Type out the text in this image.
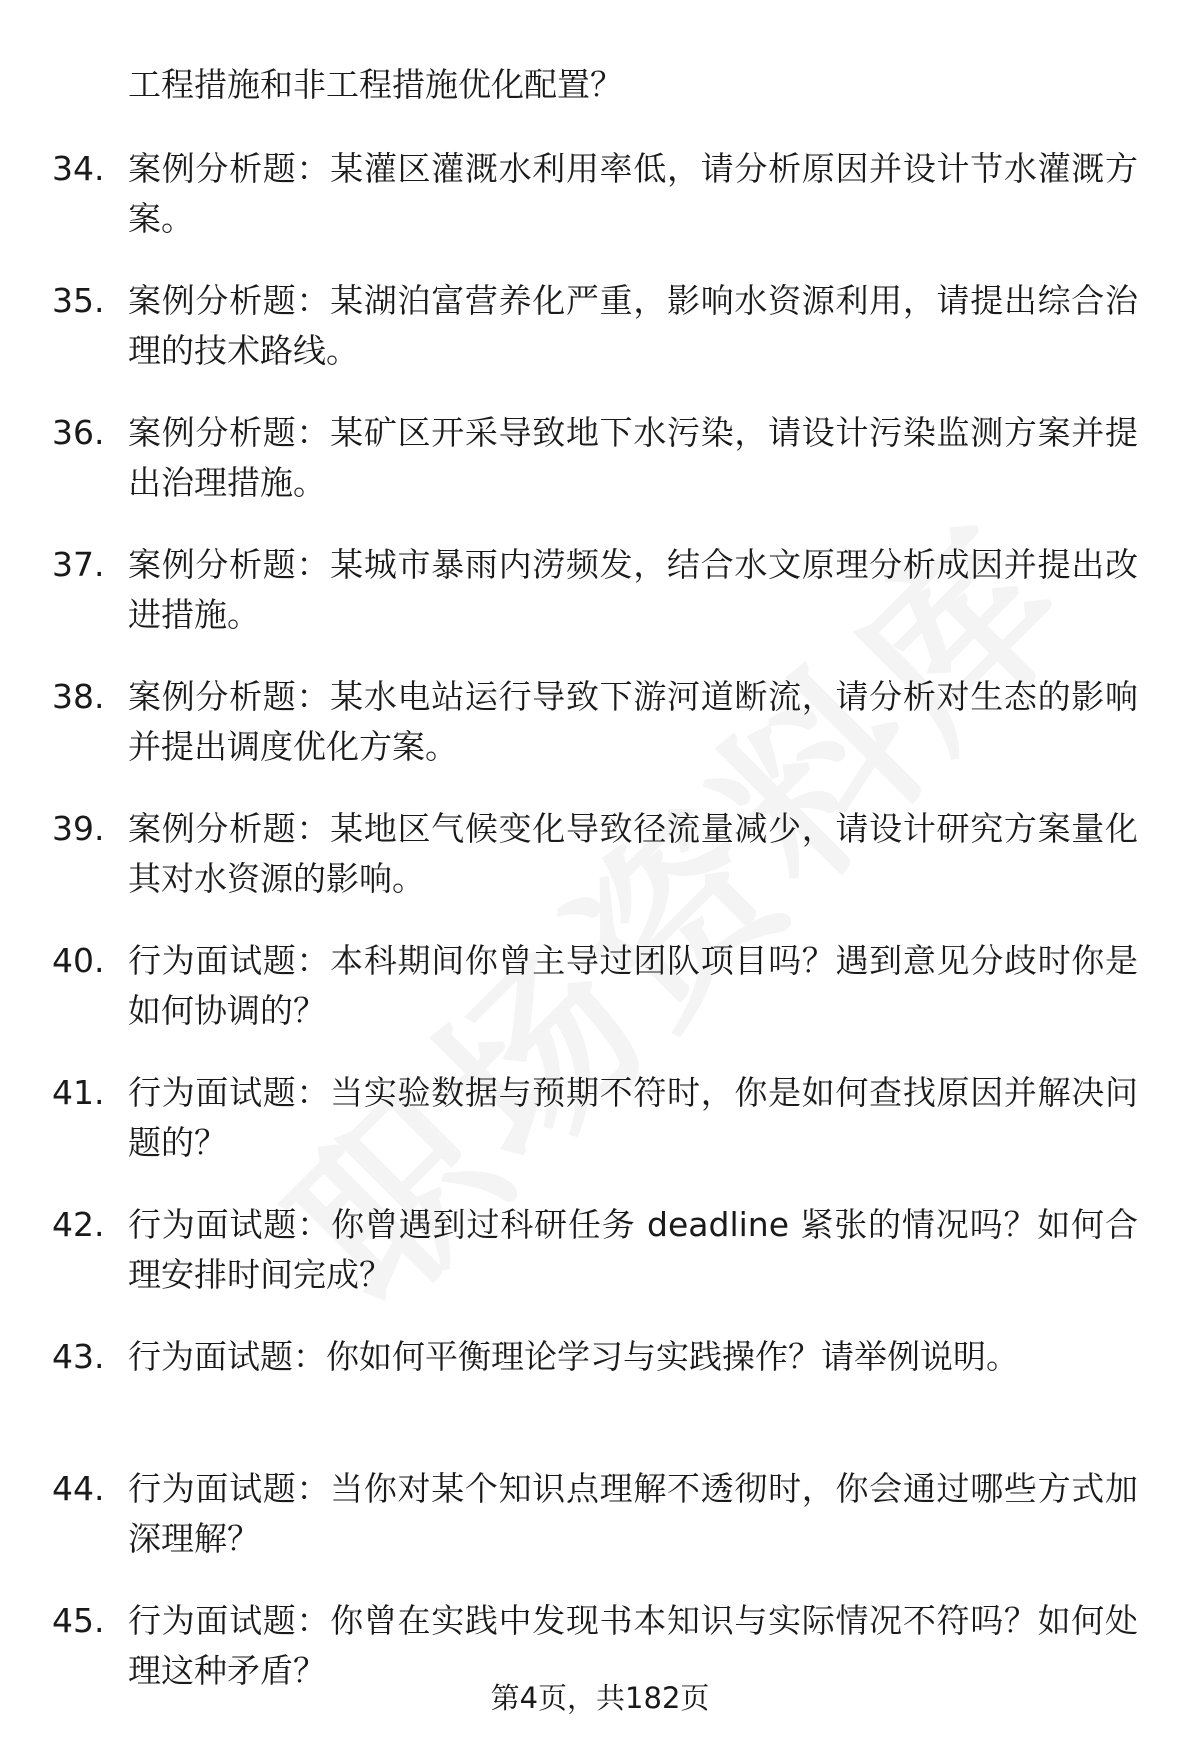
工程措施和非工程措施优化配置？

34. 案例分析题：某灌区灌溉水利用率低，请分析原因并设计节水灌溉方案。
35. 案例分析题：某湖泊富营养化严重，影响水资源利用，请提出综合治理的技术路线。
36. 案例分析题：某矿区开采导致地下水污染，请设计污染监测方案并提出治理措施。
37. 案例分析题：某城市暴雨内涝频发，结合水文原理分析成因并提出改进措施。
38. 案例分析题：某水电站运行导致下游河道断流，请分析对生态的影响并提出调度优化方案。
39. 案例分析题：某地区气候变化导致径流量减少，请设计研究方案量化其对水资源的影响。
40. 行为面试题：本科期间你曾主导过团队项目吗？遇到意见分歧时你是如何协调的？
41. 行为面试题：当实验数据与预期不符时，你是如何查找原因并解决问题的？
42. 行为面试题：你曾遇到过科研任务 deadline 紧张的情况吗？如何合理安排时间完成？
43. 行为面试题：你如何平衡理论学习与实践操作？请举例说明。
44. 行为面试题：当你对某个知识点理解不透彻时，你会通过哪些方式加深理解？
45. 行为面试题：你曾在实践中发现书本知识与实际情况不符吗？如何处理这种矛盾？
第4页，共182页
